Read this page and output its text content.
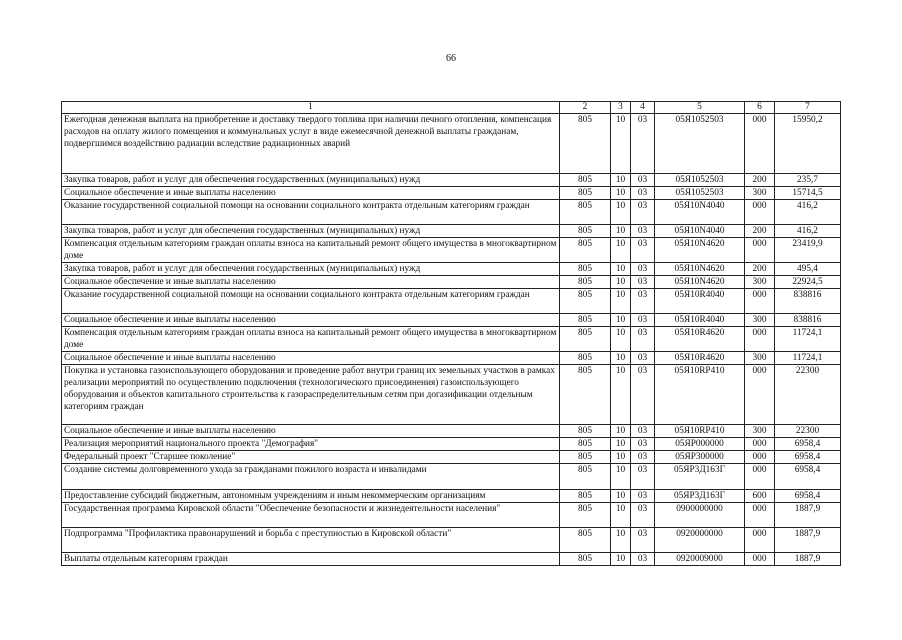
66
1	2	3	4	5	6	7
Ежегодная денежная выплата на приобретение и доставку твердого топлива при наличии печного отопления, компенсация расходов на оплату жилого помещения и коммунальных услуг в виде ежемесячной денежной выплаты гражданам, подвергшимся воздействию радиации вследствие радиационных аварий	805	10	03	05Я1052503	000	15950,2
Закупка товаров, работ и услуг для обеспечения государственных (муниципальных) нужд	805	10	03	05Я1052503	200	235,7
Социальное обеспечение и иные выплаты населению	805	10	03	05Я1052503	300	15714,5
Оказание государственной социальной помощи на основании социального контракта отдельным категориям граждан	805	10	03	05Я10N4040	000	416,2
Закупка товаров, работ и услуг для обеспечения государственных (муниципальных) нужд	805	10	03	05Я10N4040	200	416,2
Компенсация отдельным категориям граждан оплаты взноса на капитальный ремонт общего имущества в многоквартирном доме	805	10	03	05Я10N4620	000	23419,9
Закупка товаров, работ и услуг для обеспечения государственных (муниципальных) нужд	805	10	03	05Я10N4620	200	495,4
Социальное обеспечение и иные выплаты населению	805	10	03	05Я10N4620	300	22924,5
Оказание государственной социальной помощи на основании социального контракта отдельным категориям граждан	805	10	03	05Я10R4040	000	838816
Социальное обеспечение и иные выплаты населению	805	10	03	05Я10R4040	300	838816
Компенсация отдельным категориям граждан оплаты взноса на капитальный ремонт общего имущества в многоквартирном доме	805	10	03	05Я10R4620	000	11724,1
Социальное обеспечение и иные выплаты населению	805	10	03	05Я10R4620	300	11724,1
Покупка и установка газоиспользующего оборудования и проведение работ внутри границ их земельных участков в рамках реализации мероприятий по осуществлению подключения (технологического присоединения) газоиспользующего оборудования и объектов капитального строительства к газораспределительным сетям при догазификации отдельным категориям граждан	805	10	03	05Я10RP410	000	22300
Социальное обеспечение и иные выплаты населению	805	10	03	05Я10RP410	300	22300
Реализация мероприятий национального проекта "Демография"	805	10	03	05ЯP000000	000	6958,4
Федеральный проект "Старшее поколение"	805	10	03	05ЯP300000	000	6958,4
Создание системы долговременного ухода за гражданами пожилого возраста и инвалидами	805	10	03	05ЯP3Д163Г	000	6958,4
Предоставление субсидий бюджетным, автономным учреждениям и иным некоммерческим организациям	805	10	03	05ЯP3Д163Г	600	6958,4
Государственная программа Кировской области "Обеспечение безопасности и жизнедеятельности населения"	805	10	03	0900000000	000	1887,9
Подпрограмма "Профилактика правонарушений и борьба с преступностью в Кировской области"	805	10	03	0920000000	000	1887,9
Выплаты отдельным категориям граждан	805	10	03	0920009000	000	1887,9
